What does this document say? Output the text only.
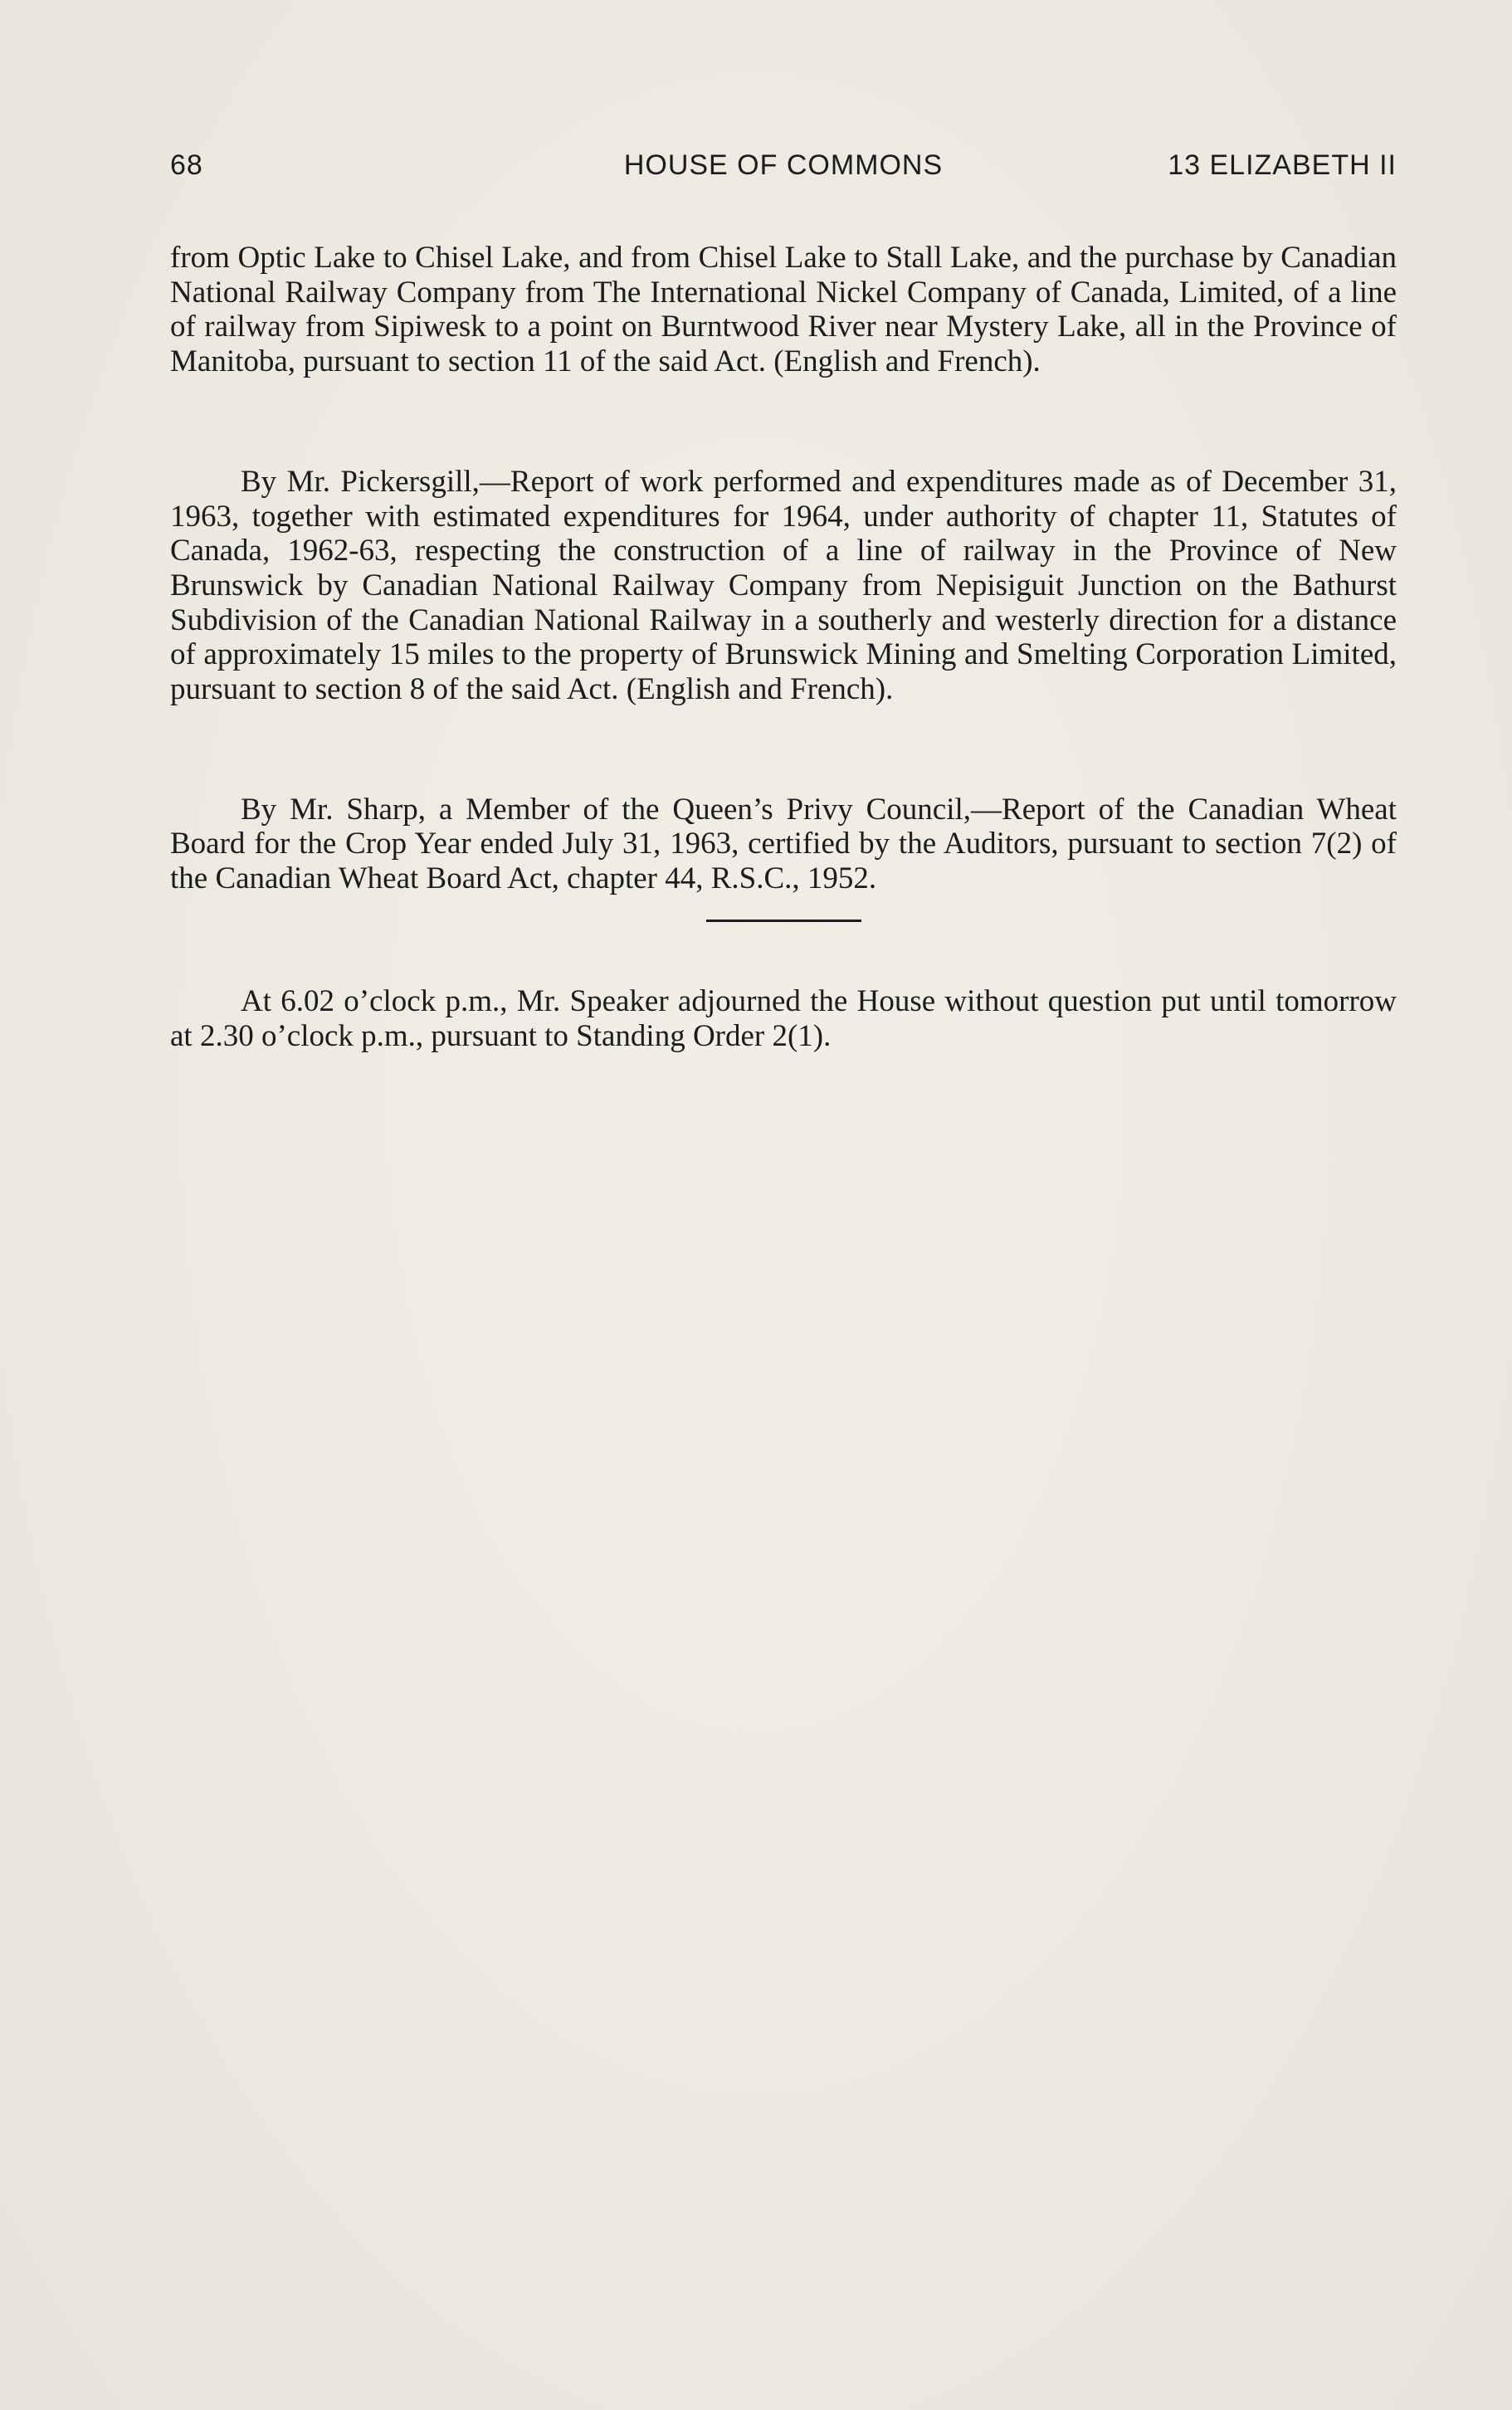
68	HOUSE OF COMMONS	13 ELIZABETH II

from Optic Lake to Chisel Lake, and from Chisel Lake to Stall Lake, and the purchase by Canadian National Railway Company from The International Nickel Company of Canada, Limited, of a line of railway from Sipiwesk to a point on Burntwood River near Mystery Lake, all in the Province of Manitoba, pursuant to section 11 of the said Act. (English and French).

By Mr. Pickersgill,—Report of work performed and expenditures made as of December 31, 1963, together with estimated expenditures for 1964, under authority of chapter 11, Statutes of Canada, 1962-63, respecting the construction of a line of railway in the Province of New Brunswick by Canadian National Railway Company from Nepisiguit Junction on the Bathurst Subdivision of the Canadian National Railway in a southerly and westerly direction for a distance of approximately 15 miles to the property of Brunswick Mining and Smelting Corporation Limited, pursuant to section 8 of the said Act. (English and French).

By Mr. Sharp, a Member of the Queen’s Privy Council,—Report of the Canadian Wheat Board for the Crop Year ended July 31, 1963, certified by the Auditors, pursuant to section 7(2) of the Canadian Wheat Board Act, chapter 44, R.S.C., 1952.

At 6.02 o’clock p.m., Mr. Speaker adjourned the House without question put until tomorrow at 2.30 o’clock p.m., pursuant to Standing Order 2(1).
